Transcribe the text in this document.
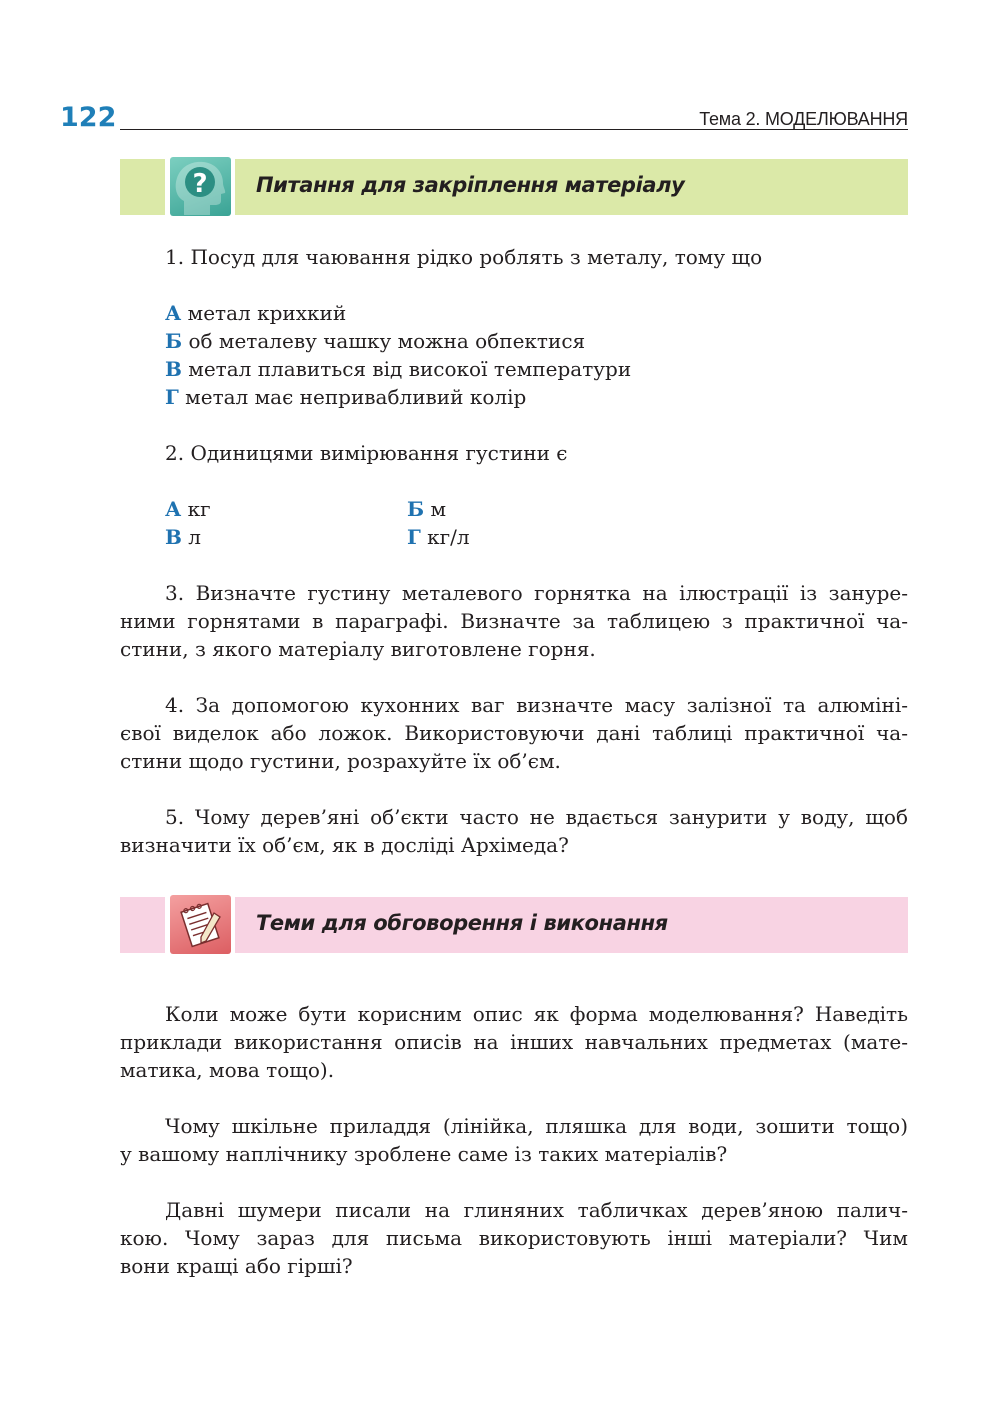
122	Тема 2. МОДЕЛЮВАННЯ
? Питання для закріплення матеріалу
1. Посуд для чаювання рідко роблять з металу, тому що
А метал крихкий
Б об металеву чашку можна обпектися
В метал плавиться від високої температури
Г метал має непривабливий колір
2. Одиницями вимірювання густини є
А кг	Б м
В л	Г кг/л
3. Визначте густину металевого горнятка на ілюстрації із зануре-
ними горнятами в параграфі. Визначте за таблицею з практичної ча-
стини, з якого матеріалу виготовлене горня.
4. За допомогою кухонних ваг визначте масу залізної та алюміні-
євої виделок або ложок. Використовуючи дані таблиці практичної ча-
стини щодо густини, розрахуйте їх об’єм.
5. Чому дерев’яні об’єкти часто не вдається занурити у воду, щоб
визначити їх об’єм, як в досліді Архімеда?
Теми для обговорення і виконання
Коли може бути корисним опис як форма моделювання? Наведіть
приклади використання описів на інших навчальних предметах (мате-
матика, мова тощо).
Чому шкільне приладдя (лінійка, пляшка для води, зошити тощо)
у вашому наплічнику зроблене саме із таких матеріалів?
Давні шумери писали на глиняних табличках дерев’яною палич-
кою. Чому зараз для письма використовують інші матеріали? Чим
вони кращі або гірші?
